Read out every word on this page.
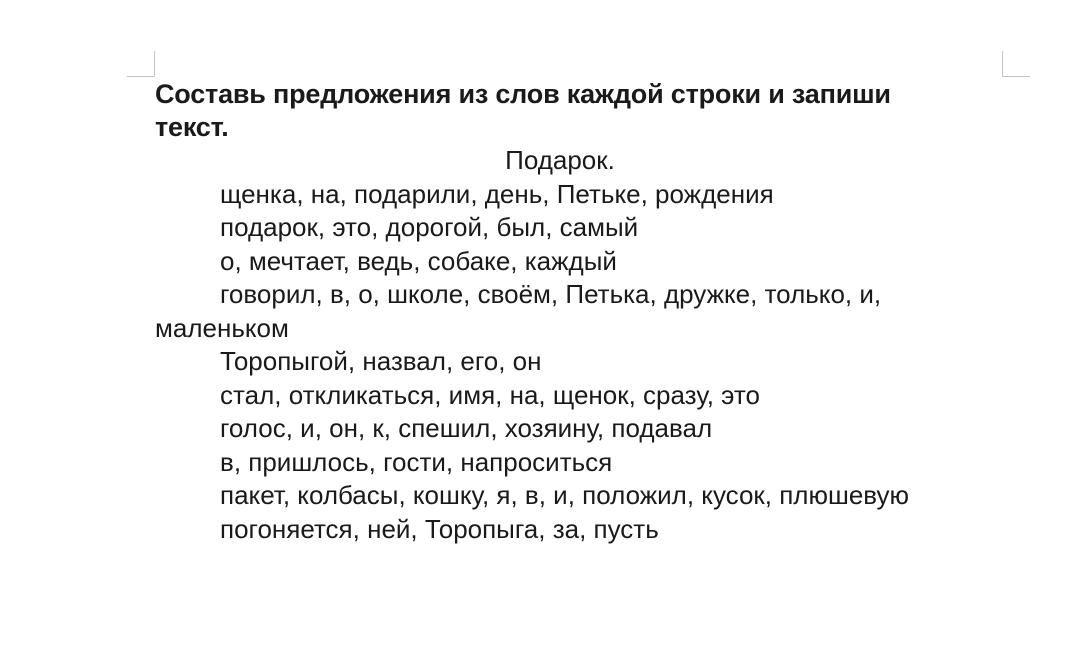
Составь предложения из слов каждой строки и запиши текст.

Подарок.

щенка, на, подарили, день, Петьке, рождения

подарок, это, дорогой, был, самый

о, мечтает, ведь, собаке, каждый

говорил, в, о, школе, своём, Петька, дружке, только, и, маленьком

Торопыгой, назвал, его, он

стал, откликаться, имя, на, щенок, сразу, это

голос, и, он, к, спешил, хозяину, подавал

в, пришлось, гости, напроситься

пакет, колбасы, кошку, я, в, и, положил, кусок, плюшевую

погоняется, ней, Торопыга, за, пусть
